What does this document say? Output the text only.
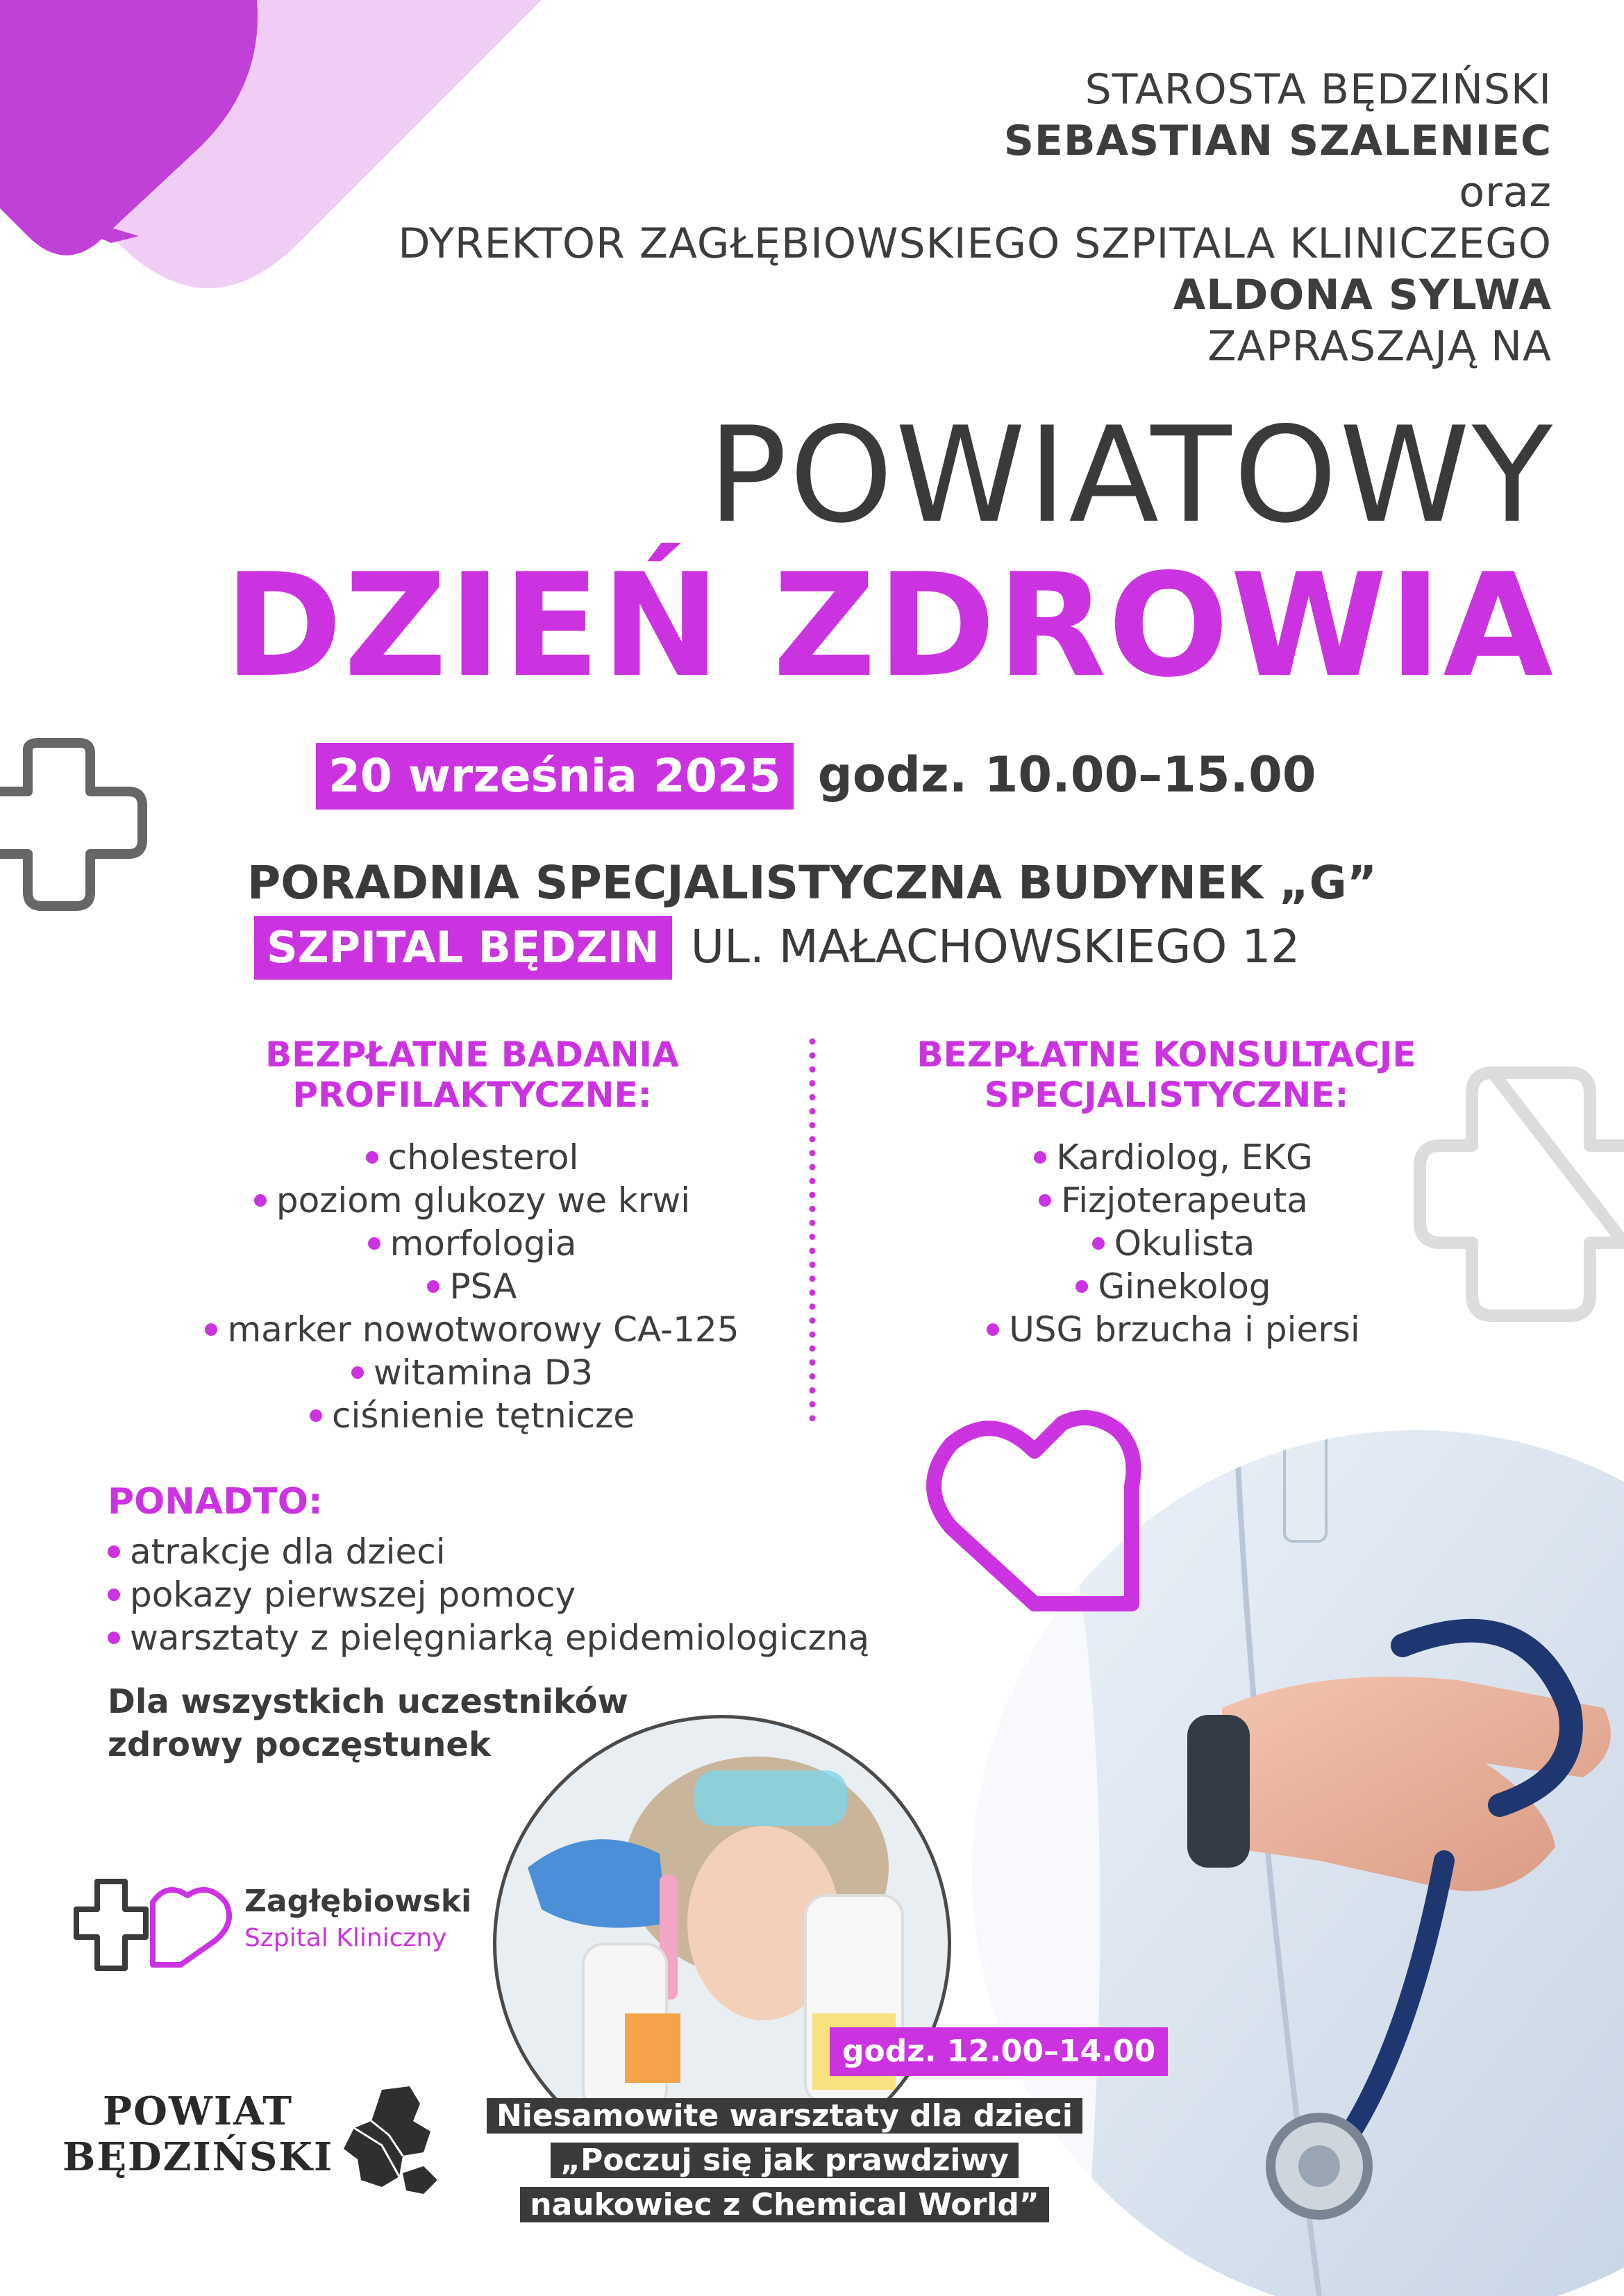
STAROSTA BĘDZIŃSKI
SEBASTIAN SZALENIEC
oraz
DYREKTOR ZAGŁĘBIOWSKIEGO SZPITALA KLINICZEGO
ALDONA SYLWA
ZAPRASZAJĄ NA
POWIATOWY
DZIEŃ ZDROWIA
20 września 2025 godz. 10.00–15.00
PORADNIA SPECJALISTYCZNA BUDYNEK „G”
SZPITAL BĘDZIN UL. MAŁACHOWSKIEGO 12
BEZPŁATNE BADANIA
PROFILAKTYCZNE:
cholesterol
poziom glukozy we krwi
morfologia
PSA
marker nowotworowy CA-125
witamina D3
ciśnienie tętnicze
BEZPŁATNE KONSULTACJE
SPECJALISTYCZNE:
Kardiolog, EKG
Fizjoterapeuta
Okulista
Ginekolog
USG brzucha i piersi
PONADTO:
atrakcje dla dzieci
pokazy pierwszej pomocy
warsztaty z pielęgniarką epidemiologiczną
Dla wszystkich uczestników
zdrowy poczęstunek
godz. 12.00–14.00
Niesamowite warsztaty dla dzieci
„Poczuj się jak prawdziwy
naukowiec z Chemical World”
Zagłębiowski
Szpital Kliniczny
POWIAT
BĘDZIŃSKI
